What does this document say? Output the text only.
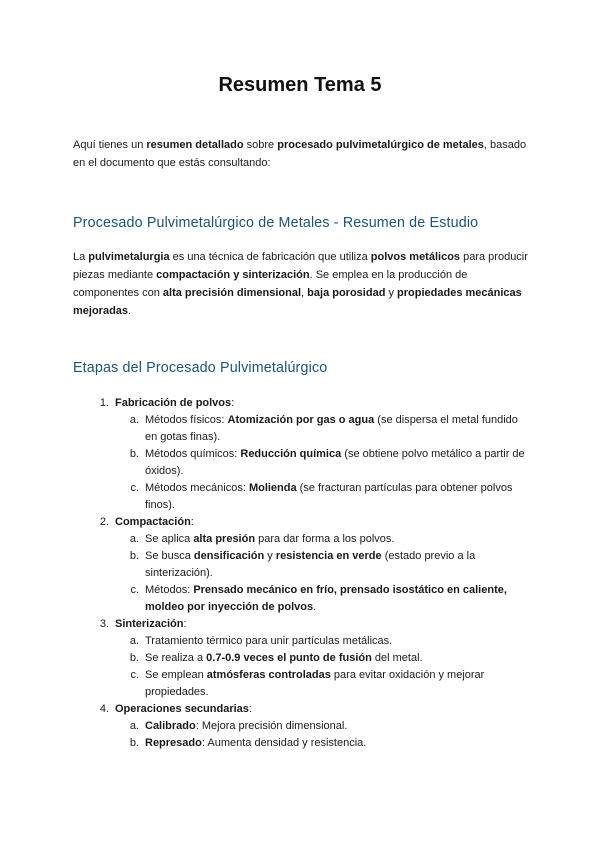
Resumen Tema 5

Aquí tienes un resumen detallado sobre procesado pulvimetalúrgico de metales, basado en el documento que estás consultando:

Procesado Pulvimetalúrgico de Metales - Resumen de Estudio

La pulvimetalurgia es una técnica de fabricación que utiliza polvos metálicos para producir piezas mediante compactación y sinterización. Se emplea en la producción de componentes con alta precisión dimensional, baja porosidad y propiedades mecánicas mejoradas.

Etapas del Procesado Pulvimetalúrgico
1. Fabricación de polvos :
a. Métodos físicos: Atomización por gas o agua (se dispersa el metal fundido en gotas finas).
b. Métodos químicos: Reducción química (se obtiene polvo metálico a partir de óxidos).
c. Métodos mecánicos: Molienda (se fracturan partículas para obtener polvos finos).
2. Compactación :
a. Se aplica alta presión para dar forma a los polvos.
b. Se busca densificación y resistencia en verde (estado previo a la sinterización).
c. Métodos: Prensado mecánico en frío, prensado isostático en caliente, moldeo por inyección de polvos.
3. Sinterización :
a. Tratamiento térmico para unir partículas metálicas.
b. Se realiza a 0.7-0.9 veces el punto de fusión del metal.
c. Se emplean atmósferas controladas para evitar oxidación y mejorar propiedades.
4. Operaciones secundarias :
a. Calibrado: Mejora precisión dimensional.
b. Represado: Aumenta densidad y resistencia.
